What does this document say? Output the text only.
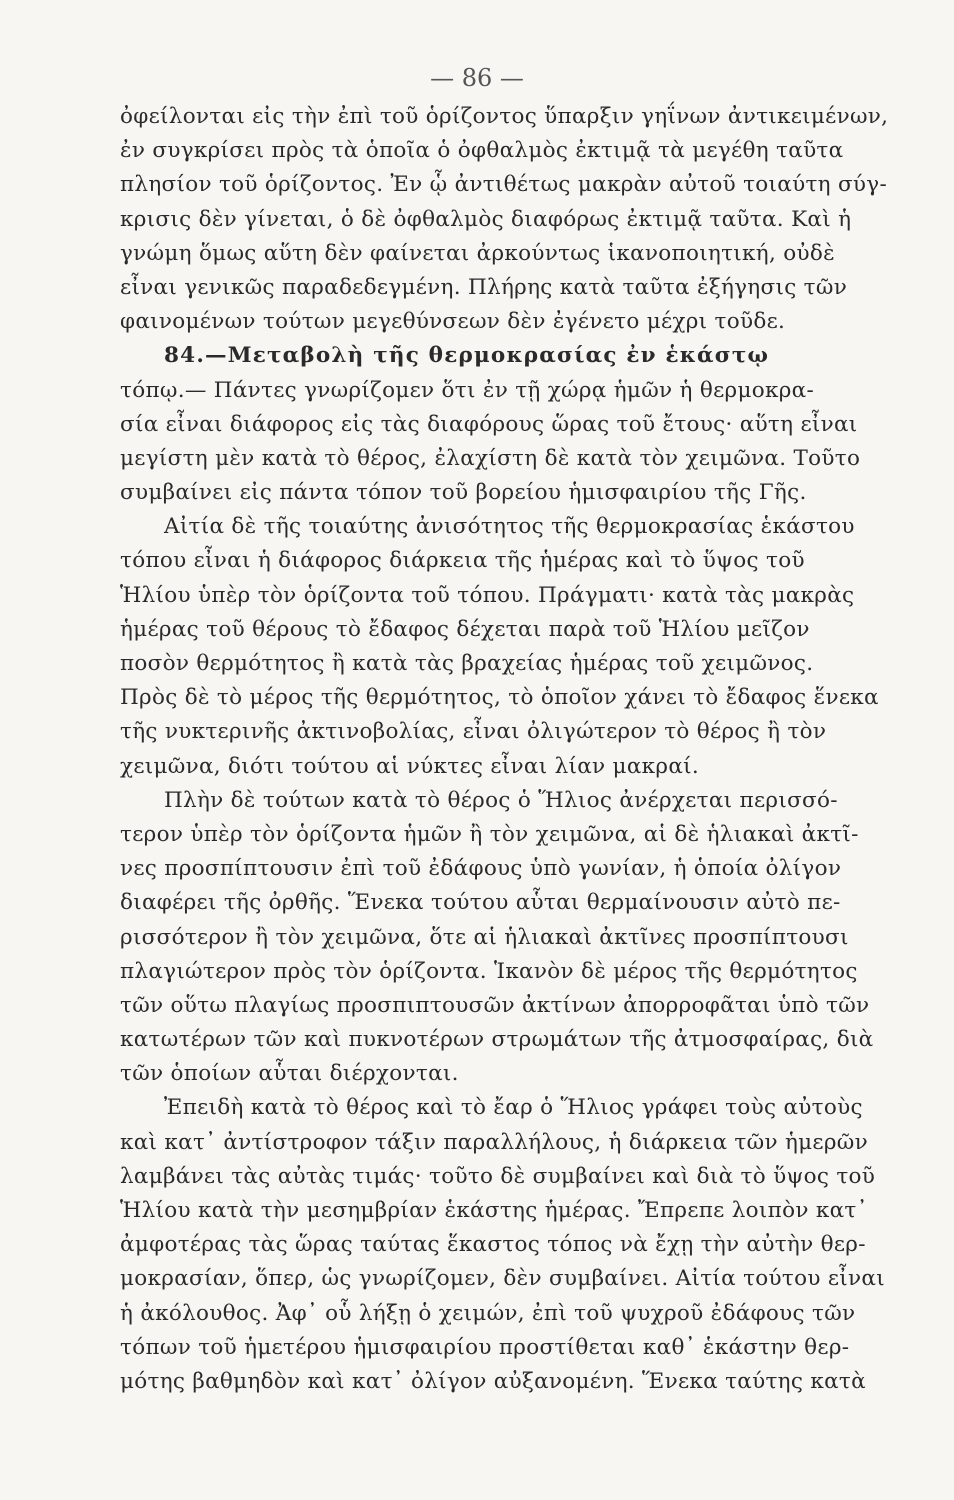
— 86 —
ὀφείλονται εἰς τὴν ἐπὶ τοῦ ὁρίζοντος ὕπαρξιν γηΐνων ἀντικειμένων,
ἐν συγκρίσει πρὸς τὰ ὁποῖα ὁ ὀφθαλμὸς ἐκτιμᾷ τὰ μεγέθη ταῦτα
πλησίον τοῦ ὁρίζοντος. Ἐν ᾧ ἀντιθέτως μακρὰν αὐτοῦ τοιαύτη σύγ-
κρισις δὲν γίνεται, ὁ δὲ ὀφθαλμὸς διαφόρως ἐκτιμᾷ ταῦτα. Καὶ ἡ
γνώμη ὅμως αὕτη δὲν φαίνεται ἀρκούντως ἱκανοποιητική, οὐδὲ
εἶναι γενικῶς παραδεδεγμένη. Πλήρης κατὰ ταῦτα ἐξήγησις τῶν
φαινομένων τούτων μεγεθύνσεων δὲν ἐγένετο μέχρι τοῦδε.
84.—Μεταβολὴ τῆς θερμοκρασίας ἐν ἑκάστῳ
τόπῳ.— Πάντες γνωρίζομεν ὅτι ἐν τῇ χώρᾳ ἡμῶν ἡ θερμοκρα-
σία εἶναι διάφορος εἰς τὰς διαφόρους ὥρας τοῦ ἔτους· αὕτη εἶναι
μεγίστη μὲν κατὰ τὸ θέρος, ἐλαχίστη δὲ κατὰ τὸν χειμῶνα. Τοῦτο
συμβαίνει εἰς πάντα τόπον τοῦ βορείου ἡμισφαιρίου τῆς Γῆς.
Αἰτία δὲ τῆς τοιαύτης ἀνισότητος τῆς θερμοκρασίας ἑκάστου
τόπου εἶναι ἡ διάφορος διάρκεια τῆς ἡμέρας καὶ τὸ ὕψος τοῦ
Ἡλίου ὑπὲρ τὸν ὁρίζοντα τοῦ τόπου. Πράγματι· κατὰ τὰς μακρὰς
ἡμέρας τοῦ θέρους τὸ ἔδαφος δέχεται παρὰ τοῦ Ἡλίου μεῖζον
ποσὸν θερμότητος ἢ κατὰ τὰς βραχείας ἡμέρας τοῦ χειμῶνος.
Πρὸς δὲ τὸ μέρος τῆς θερμότητος, τὸ ὁποῖον χάνει τὸ ἔδαφος ἕνεκα
τῆς νυκτερινῆς ἀκτινοβολίας, εἶναι ὀλιγώτερον τὸ θέρος ἢ τὸν
χειμῶνα, διότι τούτου αἱ νύκτες εἶναι λίαν μακραί.
Πλὴν δὲ τούτων κατὰ τὸ θέρος ὁ Ἥλιος ἀνέρχεται περισσό-
τερον ὑπὲρ τὸν ὁρίζοντα ἡμῶν ἢ τὸν χειμῶνα, αἱ δὲ ἡλιακαὶ ἀκτῖ-
νες προσπίπτουσιν ἐπὶ τοῦ ἐδάφους ὑπὸ γωνίαν, ἡ ὁποία ὀλίγον
διαφέρει τῆς ὀρθῆς. Ἕνεκα τούτου αὗται θερμαίνουσιν αὐτὸ πε-
ρισσότερον ἢ τὸν χειμῶνα, ὅτε αἱ ἡλιακαὶ ἀκτῖνες προσπίπτουσι
πλαγιώτερον πρὸς τὸν ὁρίζοντα. Ἱκανὸν δὲ μέρος τῆς θερμότητος
τῶν οὕτω πλαγίως προσπιπτουσῶν ἀκτίνων ἀπορροφᾶται ὑπὸ τῶν
κατωτέρων τῶν καὶ πυκνοτέρων στρωμάτων τῆς ἀτμοσφαίρας, διὰ
τῶν ὁποίων αὗται διέρχονται.
Ἐπειδὴ κατὰ τὸ θέρος καὶ τὸ ἔαρ ὁ Ἥλιος γράφει τοὺς αὐτοὺς
καὶ κατ᾽ ἀντίστροφον τάξιν παραλλήλους, ἡ διάρκεια τῶν ἡμερῶν
λαμβάνει τὰς αὐτὰς τιμάς· τοῦτο δὲ συμβαίνει καὶ διὰ τὸ ὕψος τοῦ
Ἡλίου κατὰ τὴν μεσημβρίαν ἑκάστης ἡμέρας. Ἔπρεπε λοιπὸν κατ᾽
ἀμφοτέρας τὰς ὥρας ταύτας ἕκαστος τόπος νὰ ἔχῃ τὴν αὐτὴν θερ-
μοκρασίαν, ὅπερ, ὡς γνωρίζομεν, δὲν συμβαίνει. Αἰτία τούτου εἶναι
ἡ ἀκόλουθος. Ἀφ᾽ οὗ λήξῃ ὁ χειμών, ἐπὶ τοῦ ψυχροῦ ἐδάφους τῶν
τόπων τοῦ ἡμετέρου ἡμισφαιρίου προστίθεται καθ᾽ ἑκάστην θερ-
μότης βαθμηδὸν καὶ κατ᾽ ὀλίγον αὐξανομένη. Ἕνεκα ταύτης κατὰ
